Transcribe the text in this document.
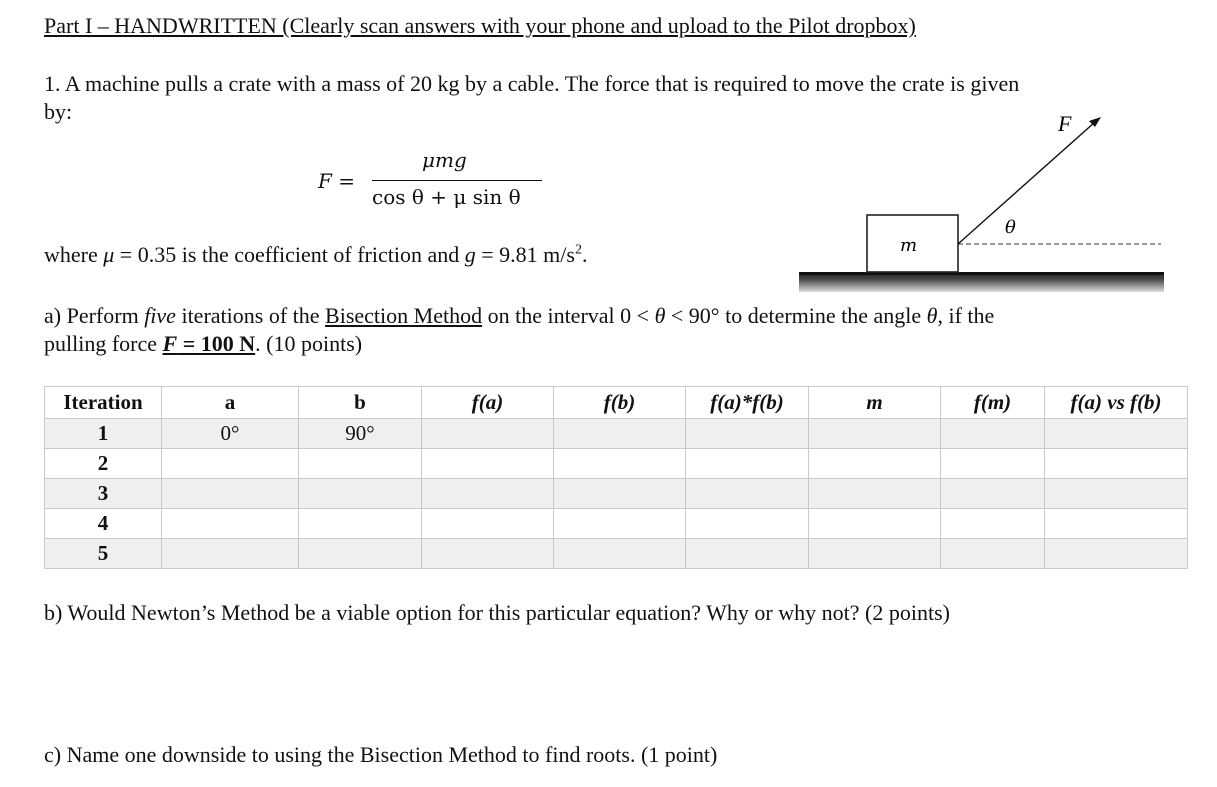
Part I – HANDWRITTEN (Clearly scan answers with your phone and upload to the Pilot dropbox)
1. A machine pulls a crate with a mass of 20 kg by a cable. The force that is required to move the crate is given
by:
F =
μmg
cos θ + μ sin θ
where μ = 0.35 is the coefficient of friction and g = 9.81 $m/s^2$.
F
θ
m
a) Perform five iterations of the Bisection Method on the interval 0 < θ < 90° to determine the angle θ, if the
pulling force F = 100 N. (10 points)
Iteration	a	b	f(a)	f(b)	f(a)*f(b)	m	f(m)	f(a) vs f(b)
1	0°	90°						
2								
3								
4								
5								
b) Would Newton’s Method be a viable option for this particular equation? Why or why not? (2 points)
c) Name one downside to using the Bisection Method to find roots. (1 point)
